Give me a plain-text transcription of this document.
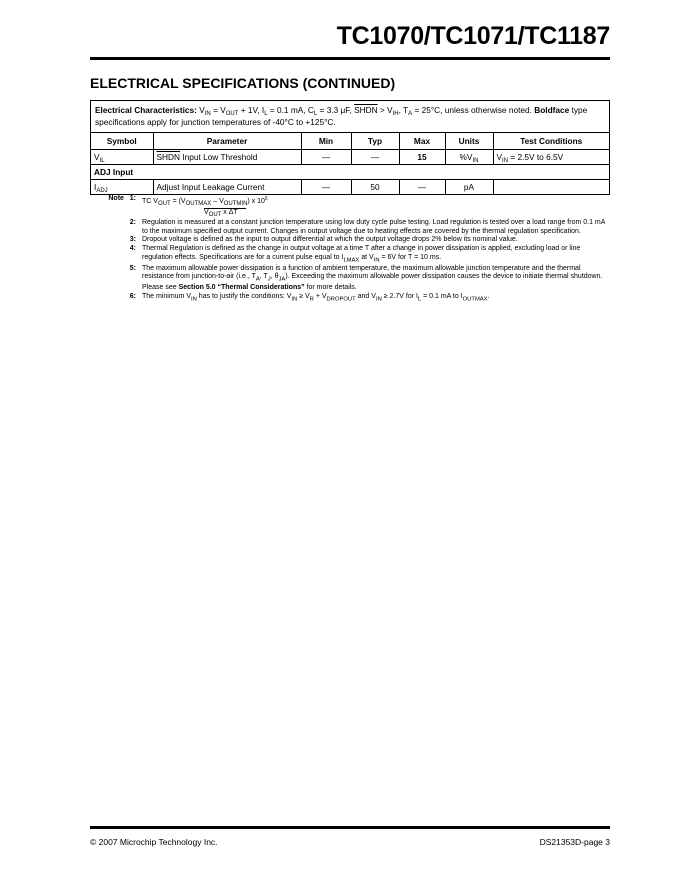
TC1070/TC1071/TC1187
ELECTRICAL SPECIFICATIONS (CONTINUED)
Electrical Characteristics: $V_{IN} = V_{OUT} + 1V$, $I_L = 0.1$ mA, $C_L = 3.3$ μF, SHDN > $V_{IH}$, $T_A = 25^\circ C$, unless otherwise noted. Boldface type specifications apply for junction temperatures of -40°C to +125°C.
Symbol	Parameter	Min	Typ	Max	Units	Test Conditions
$V_{IL}$	SHDN Input Low Threshold	—	—	15	$\%V_{IN}$	$V_{IN} = 2.5V$ to 6.5V
ADJ Input						
$I_{ADJ}$	Adjust Input Leakage Current	—	50	—	pA	
Note 1: TC $V_{OUT} = (V_{OUTMAX} - V_{OUTMIN})$ x $10^6$
$V_{OUT}$ x ΔT
2: Regulation is measured at a constant junction temperature using low duty cycle pulse testing. Load regulation is tested over a load range from 0.1 mA to the maximum specified output current. Changes in output voltage due to heating effects are covered by the thermal regulation specification.
3: Dropout voltage is defined as the input to output differential at which the output voltage drops 2% below its nominal value.
4: Thermal Regulation is defined as the change in output voltage at a time T after a change in power dissipation is applied, excluding load or line regulation effects. Specifications are for a current pulse equal to $I_{LMAX}$ at $V_{IN} = 6V$ for T = 10 ms.
5: The maximum allowable power dissipation is a function of ambient temperature, the maximum allowable junction temperature and the thermal resistance from junction-to-air (i.e., $T_A$, $T_J$, $\theta_{JA}$). Exceeding the maximum allowable power dissipation causes the device to initiate thermal shutdown. Please see Section 5.0 “Thermal Considerations” for more details.
6: The minimum $V_{IN}$ has to justify the conditions: $V_{IN} \ge V_R + V_{DROPOUT}$ and $V_{IN} \ge 2.7V$ for $I_L = 0.1$ mA to $I_{OUTMAX}$.
© 2007 Microchip Technology Inc.	DS21353D-page 3
